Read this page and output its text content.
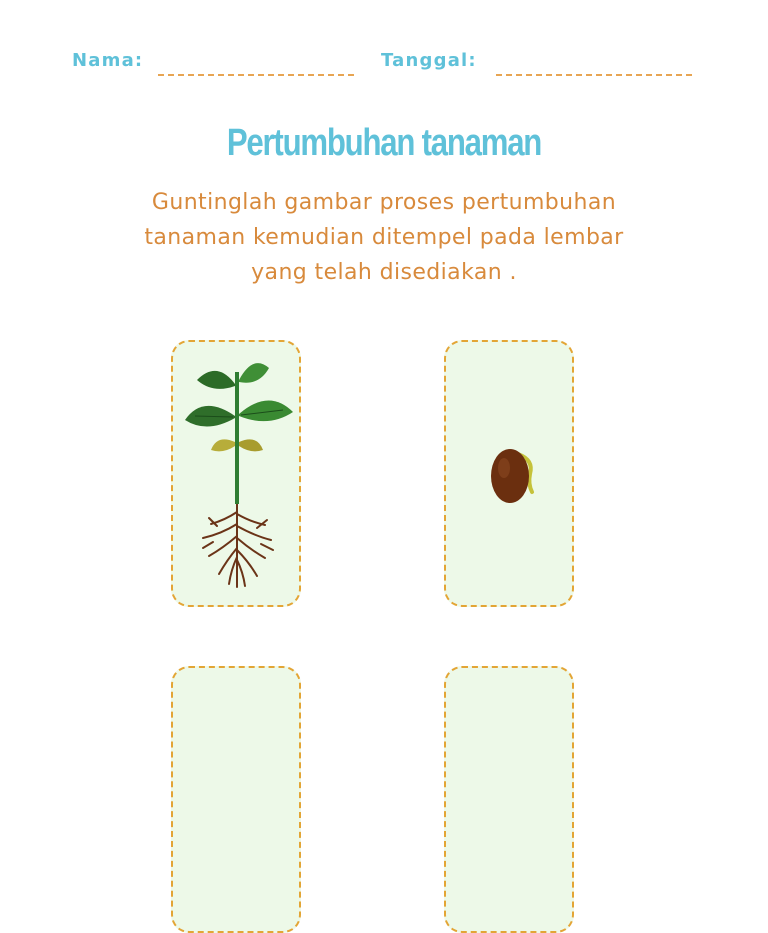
Nama:	Tanggal:
Pertumbuhan tanaman
Guntinglah gambar proses pertumbuhan
tanaman kemudian ditempel pada lembar
yang telah disediakan .
